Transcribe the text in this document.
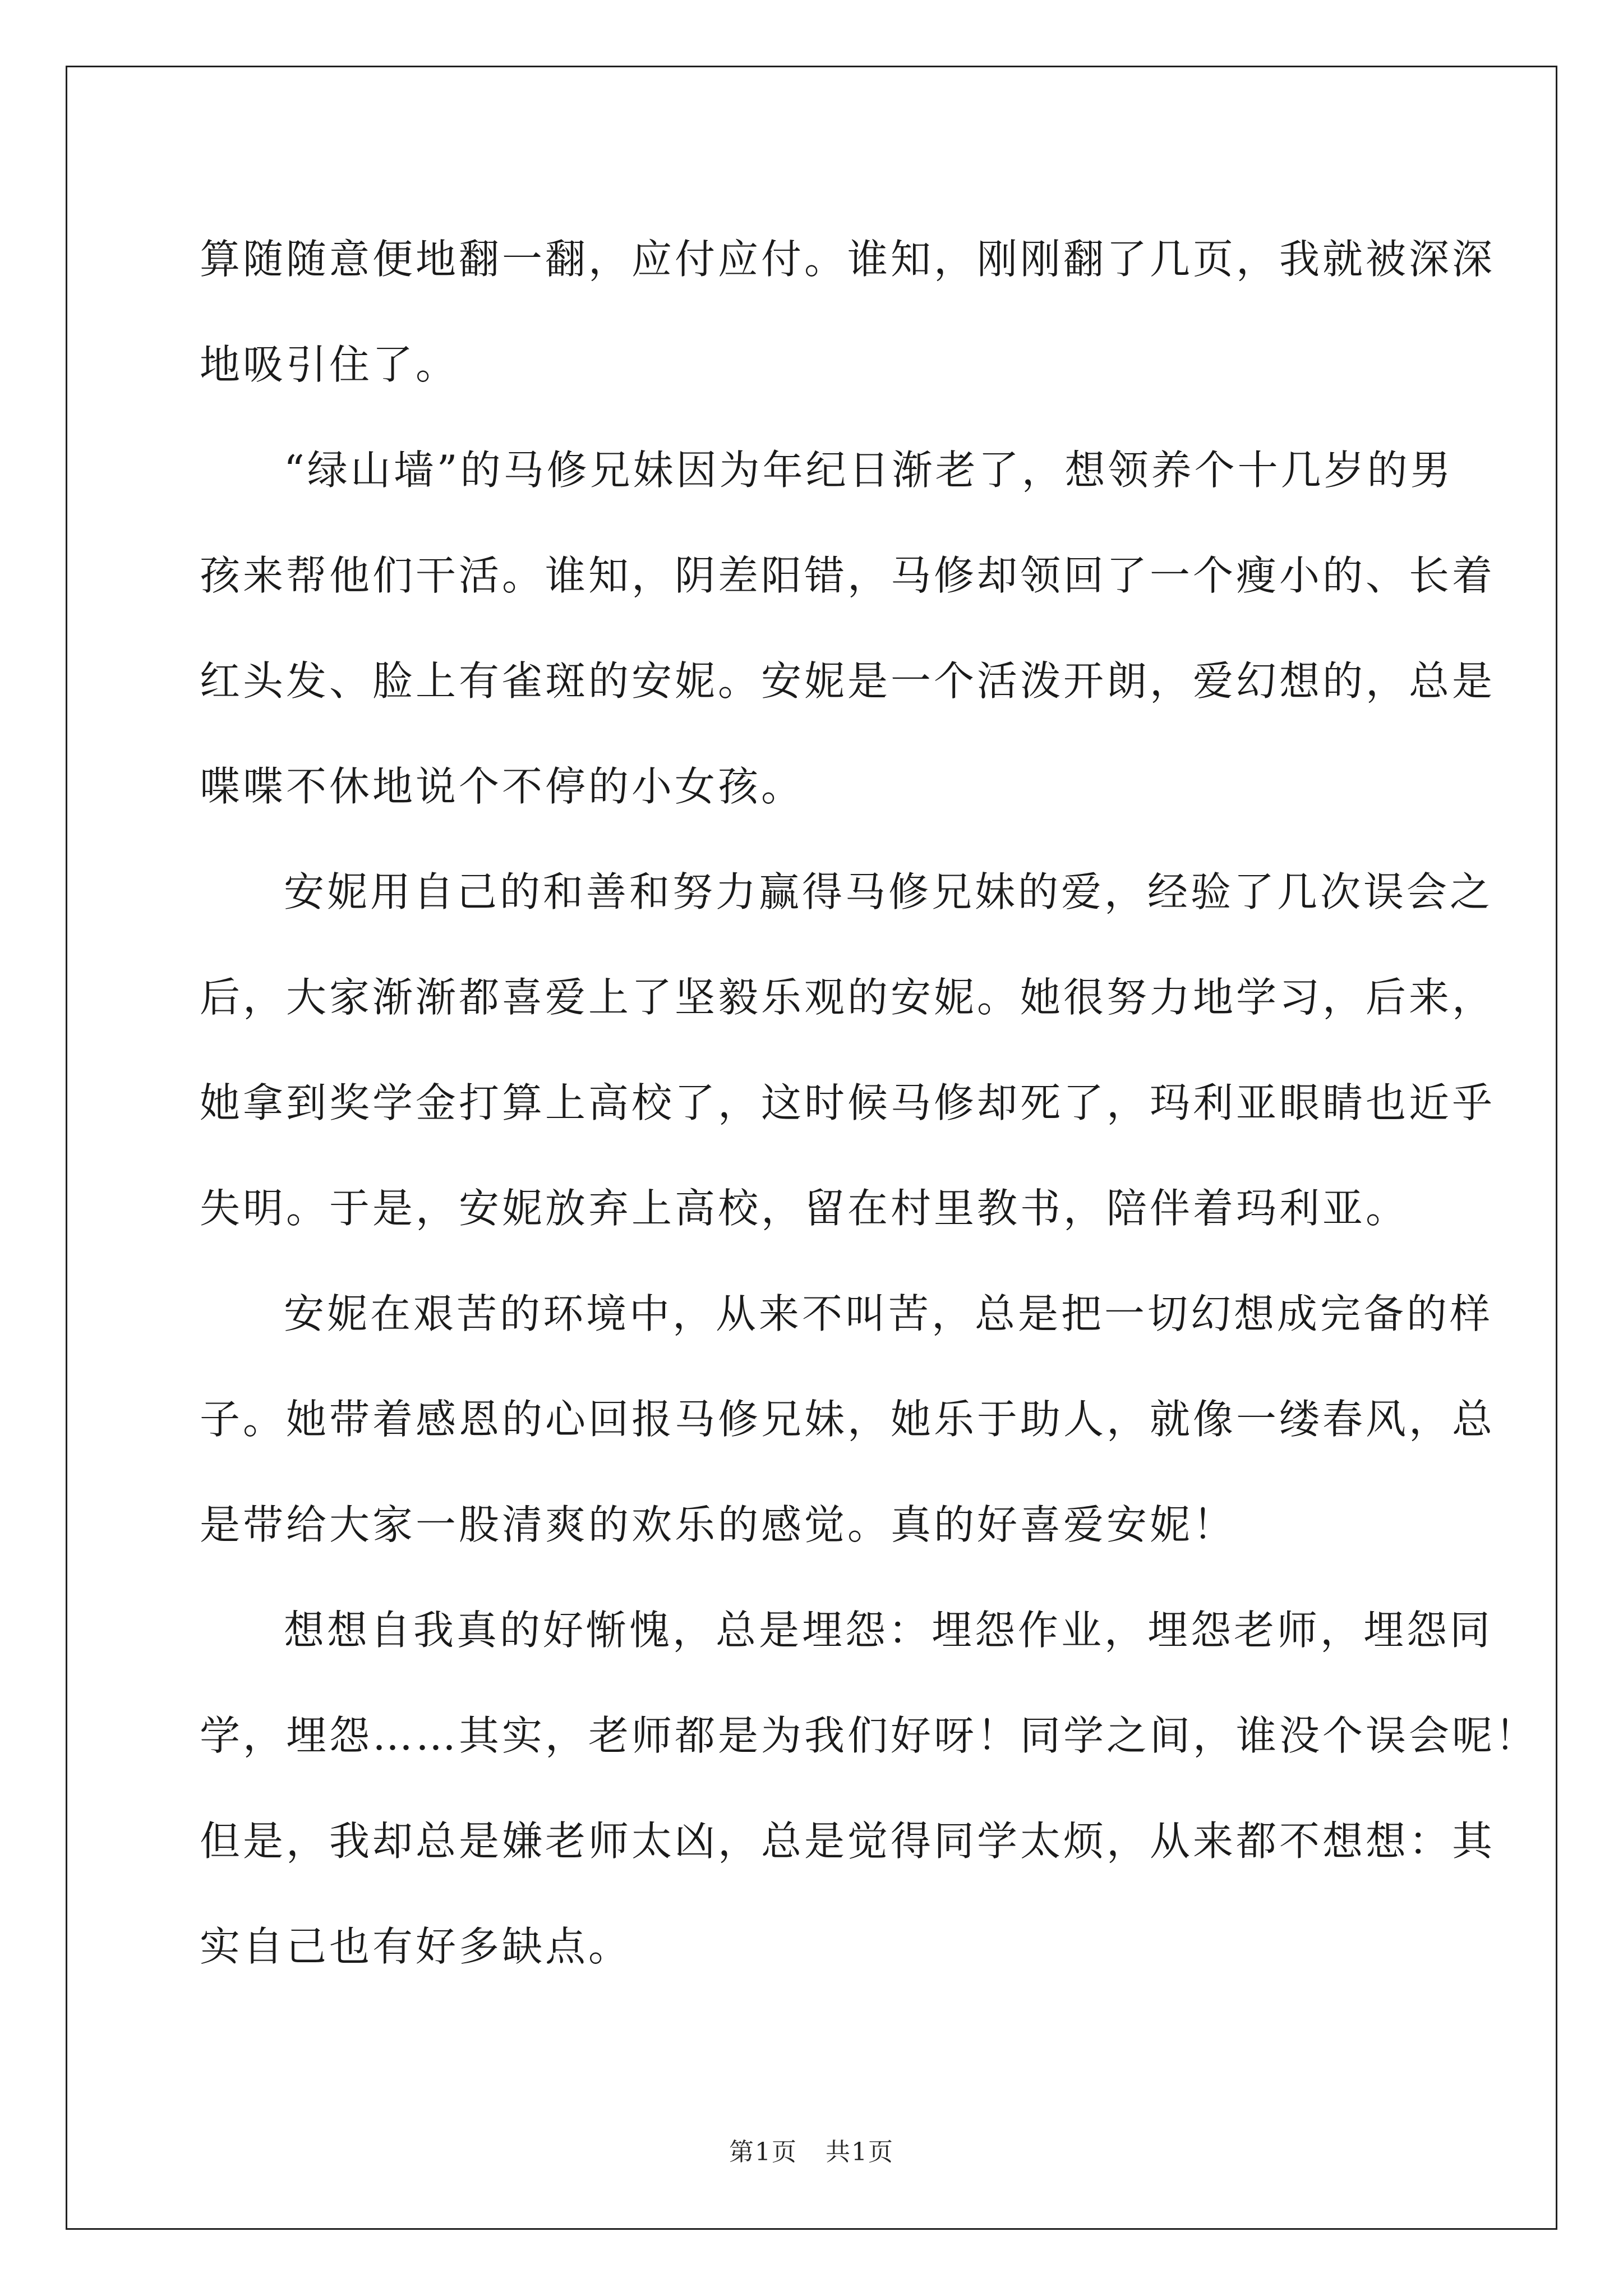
算随随意便地翻一翻，应付应付。谁知，刚刚翻了几页，我就被深深
地吸引住了。
“绿山墙”的马修兄妹因为年纪日渐老了，想领养个十几岁的男
孩来帮他们干活。谁知，阴差阳错，马修却领回了一个瘦小的、长着
红头发、脸上有雀斑的安妮。安妮是一个活泼开朗，爱幻想的，总是
喋喋不休地说个不停的小女孩。
安妮用自己的和善和努力赢得马修兄妹的爱，经验了几次误会之
后，大家渐渐都喜爱上了坚毅乐观的安妮。她很努力地学习，后来，
她拿到奖学金打算上高校了，这时候马修却死了，玛利亚眼睛也近乎
失明。于是，安妮放弃上高校，留在村里教书，陪伴着玛利亚。
安妮在艰苦的环境中，从来不叫苦，总是把一切幻想成完备的样
子。她带着感恩的心回报马修兄妹，她乐于助人，就像一缕春风，总
是带给大家一股清爽的欢乐的感觉。真的好喜爱安妮！
想想自我真的好惭愧，总是埋怨：埋怨作业，埋怨老师，埋怨同
学，埋怨……其实，老师都是为我们好呀！同学之间，谁没个误会呢！
但是，我却总是嫌老师太凶，总是觉得同学太烦，从来都不想想：其
实自己也有好多缺点。
第1页 共1页
